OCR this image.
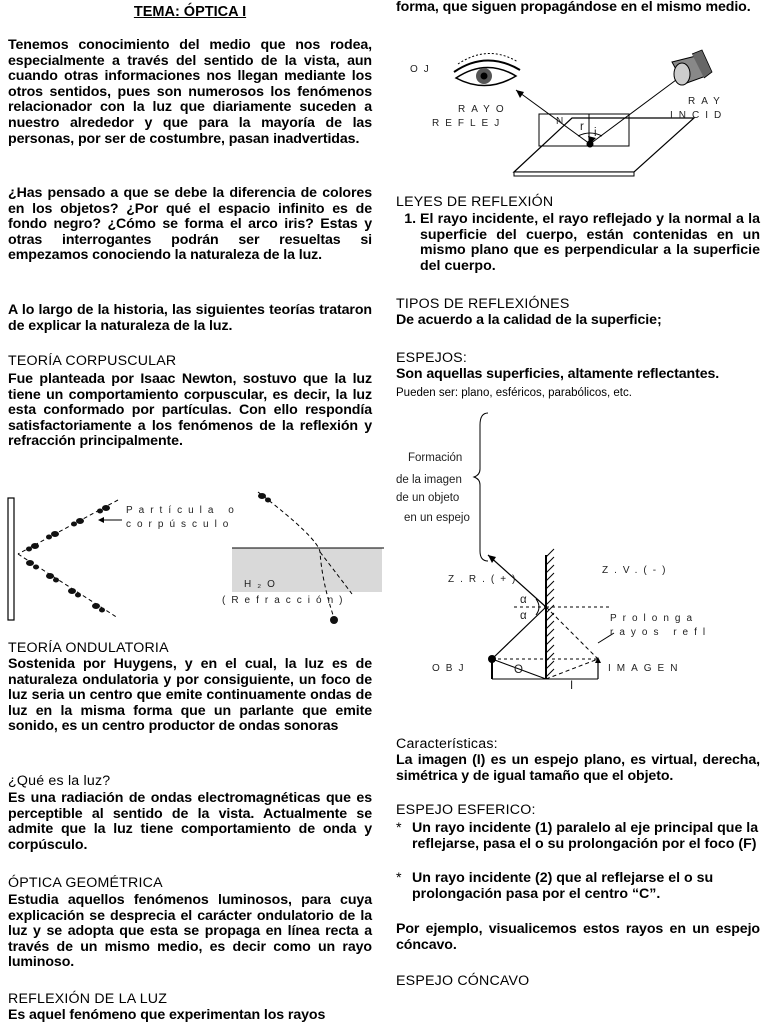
TEMA: ÓPTICA I

Tenemos conocimiento del medio que nos rodea, especialmente a través del sentido de la vista, aun cuando otras informaciones nos llegan mediante los otros sentidos, pues son numerosos los fenómenos relacionador con la luz que diariamente suceden a nuestro alrededor y que para la mayoría de las personas, por ser de costumbre, pasan inadvertidas.

¿Has pensado a que se debe la diferencia de colores en los objetos? ¿Por qué el espacio infinito es de fondo negro? ¿Cómo se forma el arco iris? Estas y otras interrogantes podrán ser resueltas si empezamos conociendo la naturaleza de la luz.

A lo largo de la historia, las siguientes teorías trataron de explicar la naturaleza de la luz.

TEORÍA CORPUSCULAR

Fue planteada por Isaac Newton, sostuvo que la luz tiene un comportamiento corpuscular, es decir, la luz esta conformado por partículas. Con ello respondía satisfactoriamente a los fenómenos de la reflexión y refracción principalmente.

TEORÍA ONDULATORIA

Sostenida por Huygens, y en el cual, la luz es de naturaleza ondulatoria y por consiguiente, un foco de luz seria un centro que emite continuamente ondas de luz en la misma forma que un parlante que emite sonido, es un centro productor de ondas sonoras

¿Qué es la luz?

Es una radiación de ondas electromagnéticas que es perceptible al sentido de la vista. Actualmente se admite que la luz tiene comportamiento de onda y corpúsculo.

ÓPTICA GEOMÉTRICA

Estudia aquellos fenómenos luminosos, para cuya explicación se desprecia el carácter ondulatorio de la luz y se adopta que esta se propaga en línea recta a través de un mismo medio, es decir como un rayo luminoso.

REFLEXIÓN DE LA LUZ

Es aquel fenómeno que experimentan los rayos

Partícula o
corpúsculo
H₂O
(Refracción)

forma, que siguen propagándose en el mismo medio.

LEYES DE REFLEXIÓN

1. El rayo incidente, el rayo reflejado y la normal a la superficie del cuerpo, están contenidas en un mismo plano que es perpendicular a la superficie del cuerpo.

TIPOS DE REFLEXIÓNES

De acuerdo a la calidad de la superficie;

ESPEJOS:

Son aquellas superficies, altamente reflectantes.

Pueden ser: plano, esféricos, parabólicos, etc.

Características:

La imagen (I) es un espejo plano, es virtual, derecha, simétrica y de igual tamaño que el objeto.

ESPEJO ESFERICO:

* Un rayo incidente (1) paralelo al eje principal que la reflejarse, pasa el o su prolongación por el foco (F)
* Un rayo incidente (2) que al reflejarse el o su prolongación pasa por el centro “C”.

Por ejemplo, visualicemos estos rayos en un espejo cóncavo.

ESPEJO CÓNCAVO

OJ
RAYO
REFLEJ	N
RAY
INCID
r i
Formación
de la imagen
de un objeto
en un espejo
α
α
Z.R.(+)
Z.V.(-)
Prolonga
rayos refl
OBJ	IMAGEN
O
I
